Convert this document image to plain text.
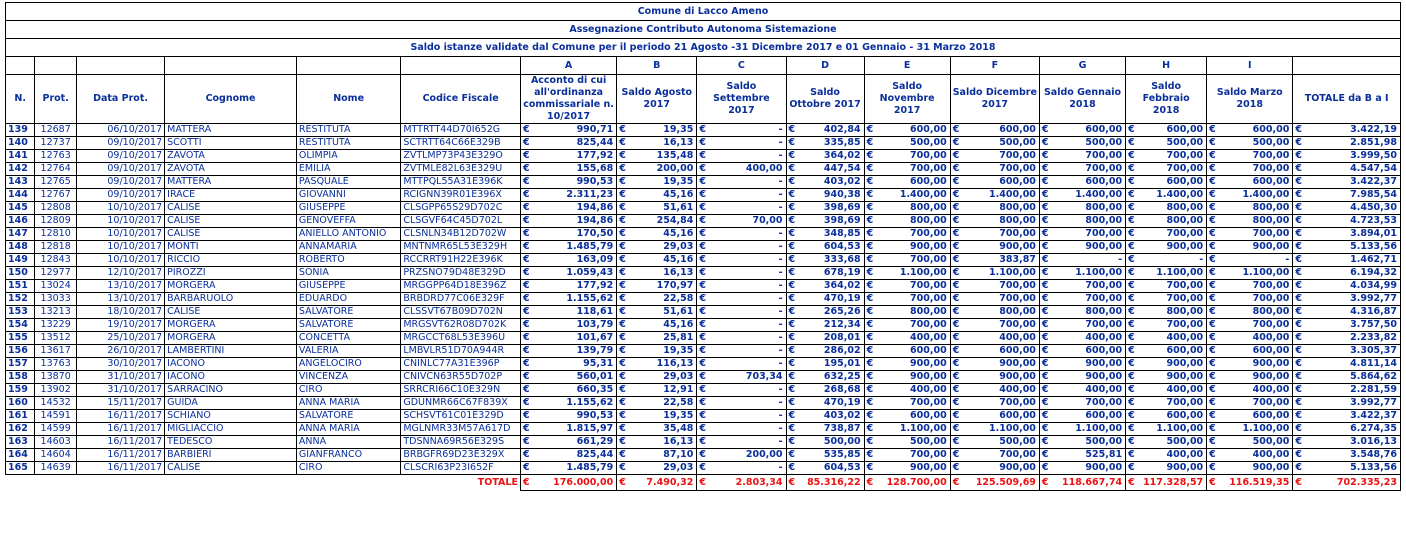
Comune di Lacco Ameno															
Assegnazione Contributo Autonoma Sistemazione															
Saldo istanze validate dal Comune per il periodo 21 Agosto -31 Dicembre 2017 e 01 Gennaio - 31 Marzo 2018															
						A	B	C	D	E	F	G	H	I	
N.	Prot.	Data Prot.	Cognome	Nome	Codice Fiscale	Acconto di cui all'ordinanza commissariale n. 10/2017	Saldo Agosto 2017	Saldo Settembre 2017	Saldo Ottobre 2017	Saldo Novembre 2017	Saldo Dicembre 2017	Saldo Gennaio 2018	Saldo Febbraio 2018	Saldo Marzo 2018	TOTALE da B a I
139	12687	06/10/2017	MATTERA	RESTITUTA	MTTRTT44D70I652G	€ 990,71	€ 19,35	€ -	€ 402,84	€ 600,00	€ 600,00	€ 600,00	€ 600,00	€ 600,00	€ 3.422,19

140	12737	09/10/2017	SCOTTI	RESTITUTA	SCTRTT64C66E329B	€ 825,44	€ 16,13	€ -	€ 335,85	€ 500,00	€ 500,00	€ 500,00	€ 500,00	€ 500,00	€ 2.851,98

141	12763	09/10/2017	ZAVOTA	OLIMPIA	ZVTLMP73P43E329O	€ 177,92	€ 135,48	€ -	€ 364,02	€ 700,00	€ 700,00	€ 700,00	€ 700,00	€ 700,00	€ 3.999,50

142	12764	09/10/2017	ZAVOTA	EMILIA	ZVTMLE82L63E329U	€ 155,68	€ 200,00	€ 400,00	€ 447,54	€ 700,00	€ 700,00	€ 700,00	€ 700,00	€ 700,00	€ 4.547,54

143	12765	09/10/2017	MATTERA	PASQUALE	MTTPQL55A31E396K	€ 990,53	€ 19,35	€ -	€ 403,02	€ 600,00	€ 600,00	€ 600,00	€ 600,00	€ 600,00	€ 3.422,37

144	12767	09/10/2017	IRACE	GIOVANNI	RCIGNN39R01E396X	€ 2.311,23	€ 45,16	€ -	€ 940,38	€ 1.400,00	€ 1.400,00	€ 1.400,00	€ 1.400,00	€ 1.400,00	€ 7.985,54

145	12808	10/10/2017	CALISE	GIUSEPPE	CLSGPP65S29D702C	€ 194,86	€ 51,61	€ -	€ 398,69	€ 800,00	€ 800,00	€ 800,00	€ 800,00	€ 800,00	€ 4.450,30

146	12809	10/10/2017	CALISE	GENOVEFFA	CLSGVF64C45D702L	€ 194,86	€ 254,84	€ 70,00	€ 398,69	€ 800,00	€ 800,00	€ 800,00	€ 800,00	€ 800,00	€ 4.723,53

147	12810	10/10/2017	CALISE	ANIELLO ANTONIO	CLSNLN34B12D702W	€ 170,50	€ 45,16	€ -	€ 348,85	€ 700,00	€ 700,00	€ 700,00	€ 700,00	€ 700,00	€ 3.894,01

148	12818	10/10/2017	MONTI	ANNAMARIA	MNTNMR65L53E329H	€ 1.485,79	€ 29,03	€ -	€ 604,53	€ 900,00	€ 900,00	€ 900,00	€ 900,00	€ 900,00	€ 5.133,56

149	12843	10/10/2017	RICCIO	ROBERTO	RCCRRT91H22E396K	€ 163,09	€ 45,16	€ -	€ 333,68	€ 700,00	€ 383,87	€ -	€ -	€ -	€ 1.462,71

150	12977	12/10/2017	PIROZZI	SONIA	PRZSNO79D48E329D	€ 1.059,43	€ 16,13	€ -	€ 678,19	€ 1.100,00	€ 1.100,00	€ 1.100,00	€ 1.100,00	€ 1.100,00	€ 6.194,32

151	13024	13/10/2017	MORGERA	GIUSEPPE	MRGGPP64D18E396Z	€ 177,92	€ 170,97	€ -	€ 364,02	€ 700,00	€ 700,00	€ 700,00	€ 700,00	€ 700,00	€ 4.034,99

152	13033	13/10/2017	BARBARUOLO	EDUARDO	BRBDRD77C06E329F	€ 1.155,62	€ 22,58	€ -	€ 470,19	€ 700,00	€ 700,00	€ 700,00	€ 700,00	€ 700,00	€ 3.992,77

153	13213	18/10/2017	CALISE	SALVATORE	CLSSVT67B09D702N	€ 118,61	€ 51,61	€ -	€ 265,26	€ 800,00	€ 800,00	€ 800,00	€ 800,00	€ 800,00	€ 4.316,87

154	13229	19/10/2017	MORGERA	SALVATORE	MRGSVT62R08D702K	€ 103,79	€ 45,16	€ -	€ 212,34	€ 700,00	€ 700,00	€ 700,00	€ 700,00	€ 700,00	€ 3.757,50

155	13512	25/10/2017	MORGERA	CONCETTA	MRGCCT68L53E396U	€ 101,67	€ 25,81	€ -	€ 208,01	€ 400,00	€ 400,00	€ 400,00	€ 400,00	€ 400,00	€ 2.233,82

156	13617	26/10/2017	LAMBERTINI	VALERIA	LMBVLR51D70A944R	€ 139,79	€ 19,35	€ -	€ 286,02	€ 600,00	€ 600,00	€ 600,00	€ 600,00	€ 600,00	€ 3.305,37

157	13763	30/10/2017	IACONO	ANGELOCIRO	CNINLC77A31E396P	€ 95,31	€ 116,13	€ -	€ 195,01	€ 900,00	€ 900,00	€ 900,00	€ 900,00	€ 900,00	€ 4.811,14

158	13870	31/10/2017	IACONO	VINCENZA	CNIVCN63R55D702P	€ 560,01	€ 29,03	€ 703,34	€ 632,25	€ 900,00	€ 900,00	€ 900,00	€ 900,00	€ 900,00	€ 5.864,62

159	13902	31/10/2017	SARRACINO	CIRO	SRRCRI66C10E329N	€ 660,35	€ 12,91	€ -	€ 268,68	€ 400,00	€ 400,00	€ 400,00	€ 400,00	€ 400,00	€ 2.281,59

160	14532	15/11/2017	GUIDA	ANNA MARIA	GDUNMR66C67F839X	€ 1.155,62	€ 22,58	€ -	€ 470,19	€ 700,00	€ 700,00	€ 700,00	€ 700,00	€ 700,00	€ 3.992,77

161	14591	16/11/2017	SCHIANO	SALVATORE	SCHSVT61C01E329D	€ 990,53	€ 19,35	€ -	€ 403,02	€ 600,00	€ 600,00	€ 600,00	€ 600,00	€ 600,00	€ 3.422,37

162	14599	16/11/2017	MIGLIACCIO	ANNA MARIA	MGLNMR33M57A617D	€ 1.815,97	€ 35,48	€ -	€ 738,87	€ 1.100,00	€ 1.100,00	€ 1.100,00	€ 1.100,00	€ 1.100,00	€ 6.274,35

163	14603	16/11/2017	TEDESCO	ANNA	TDSNNA69R56E329S	€ 661,29	€ 16,13	€ -	€ 500,00	€ 500,00	€ 500,00	€ 500,00	€ 500,00	€ 500,00	€ 3.016,13

164	14604	16/11/2017	BARBIERI	GIANFRANCO	BRBGFR69D23E329X	€ 825,44	€ 87,10	€ 200,00	€ 535,85	€ 700,00	€ 700,00	€ 525,81	€ 400,00	€ 400,00	€ 3.548,76

165	14639	16/11/2017	CALISE	CIRO	CLSCRI63P23I652F	€ 1.485,79	€ 29,03	€ -	€ 604,53	€ 900,00	€ 900,00	€ 900,00	€ 900,00	€ 900,00	€ 5.133,56

					TOTALE	€ 176.000,00	€ 7.490,32	€ 2.803,34	€ 85.316,22	€ 128.700,00	€ 125.509,69	€ 118.667,74	€ 117.328,57	€ 116.519,35	€ 702.335,23
